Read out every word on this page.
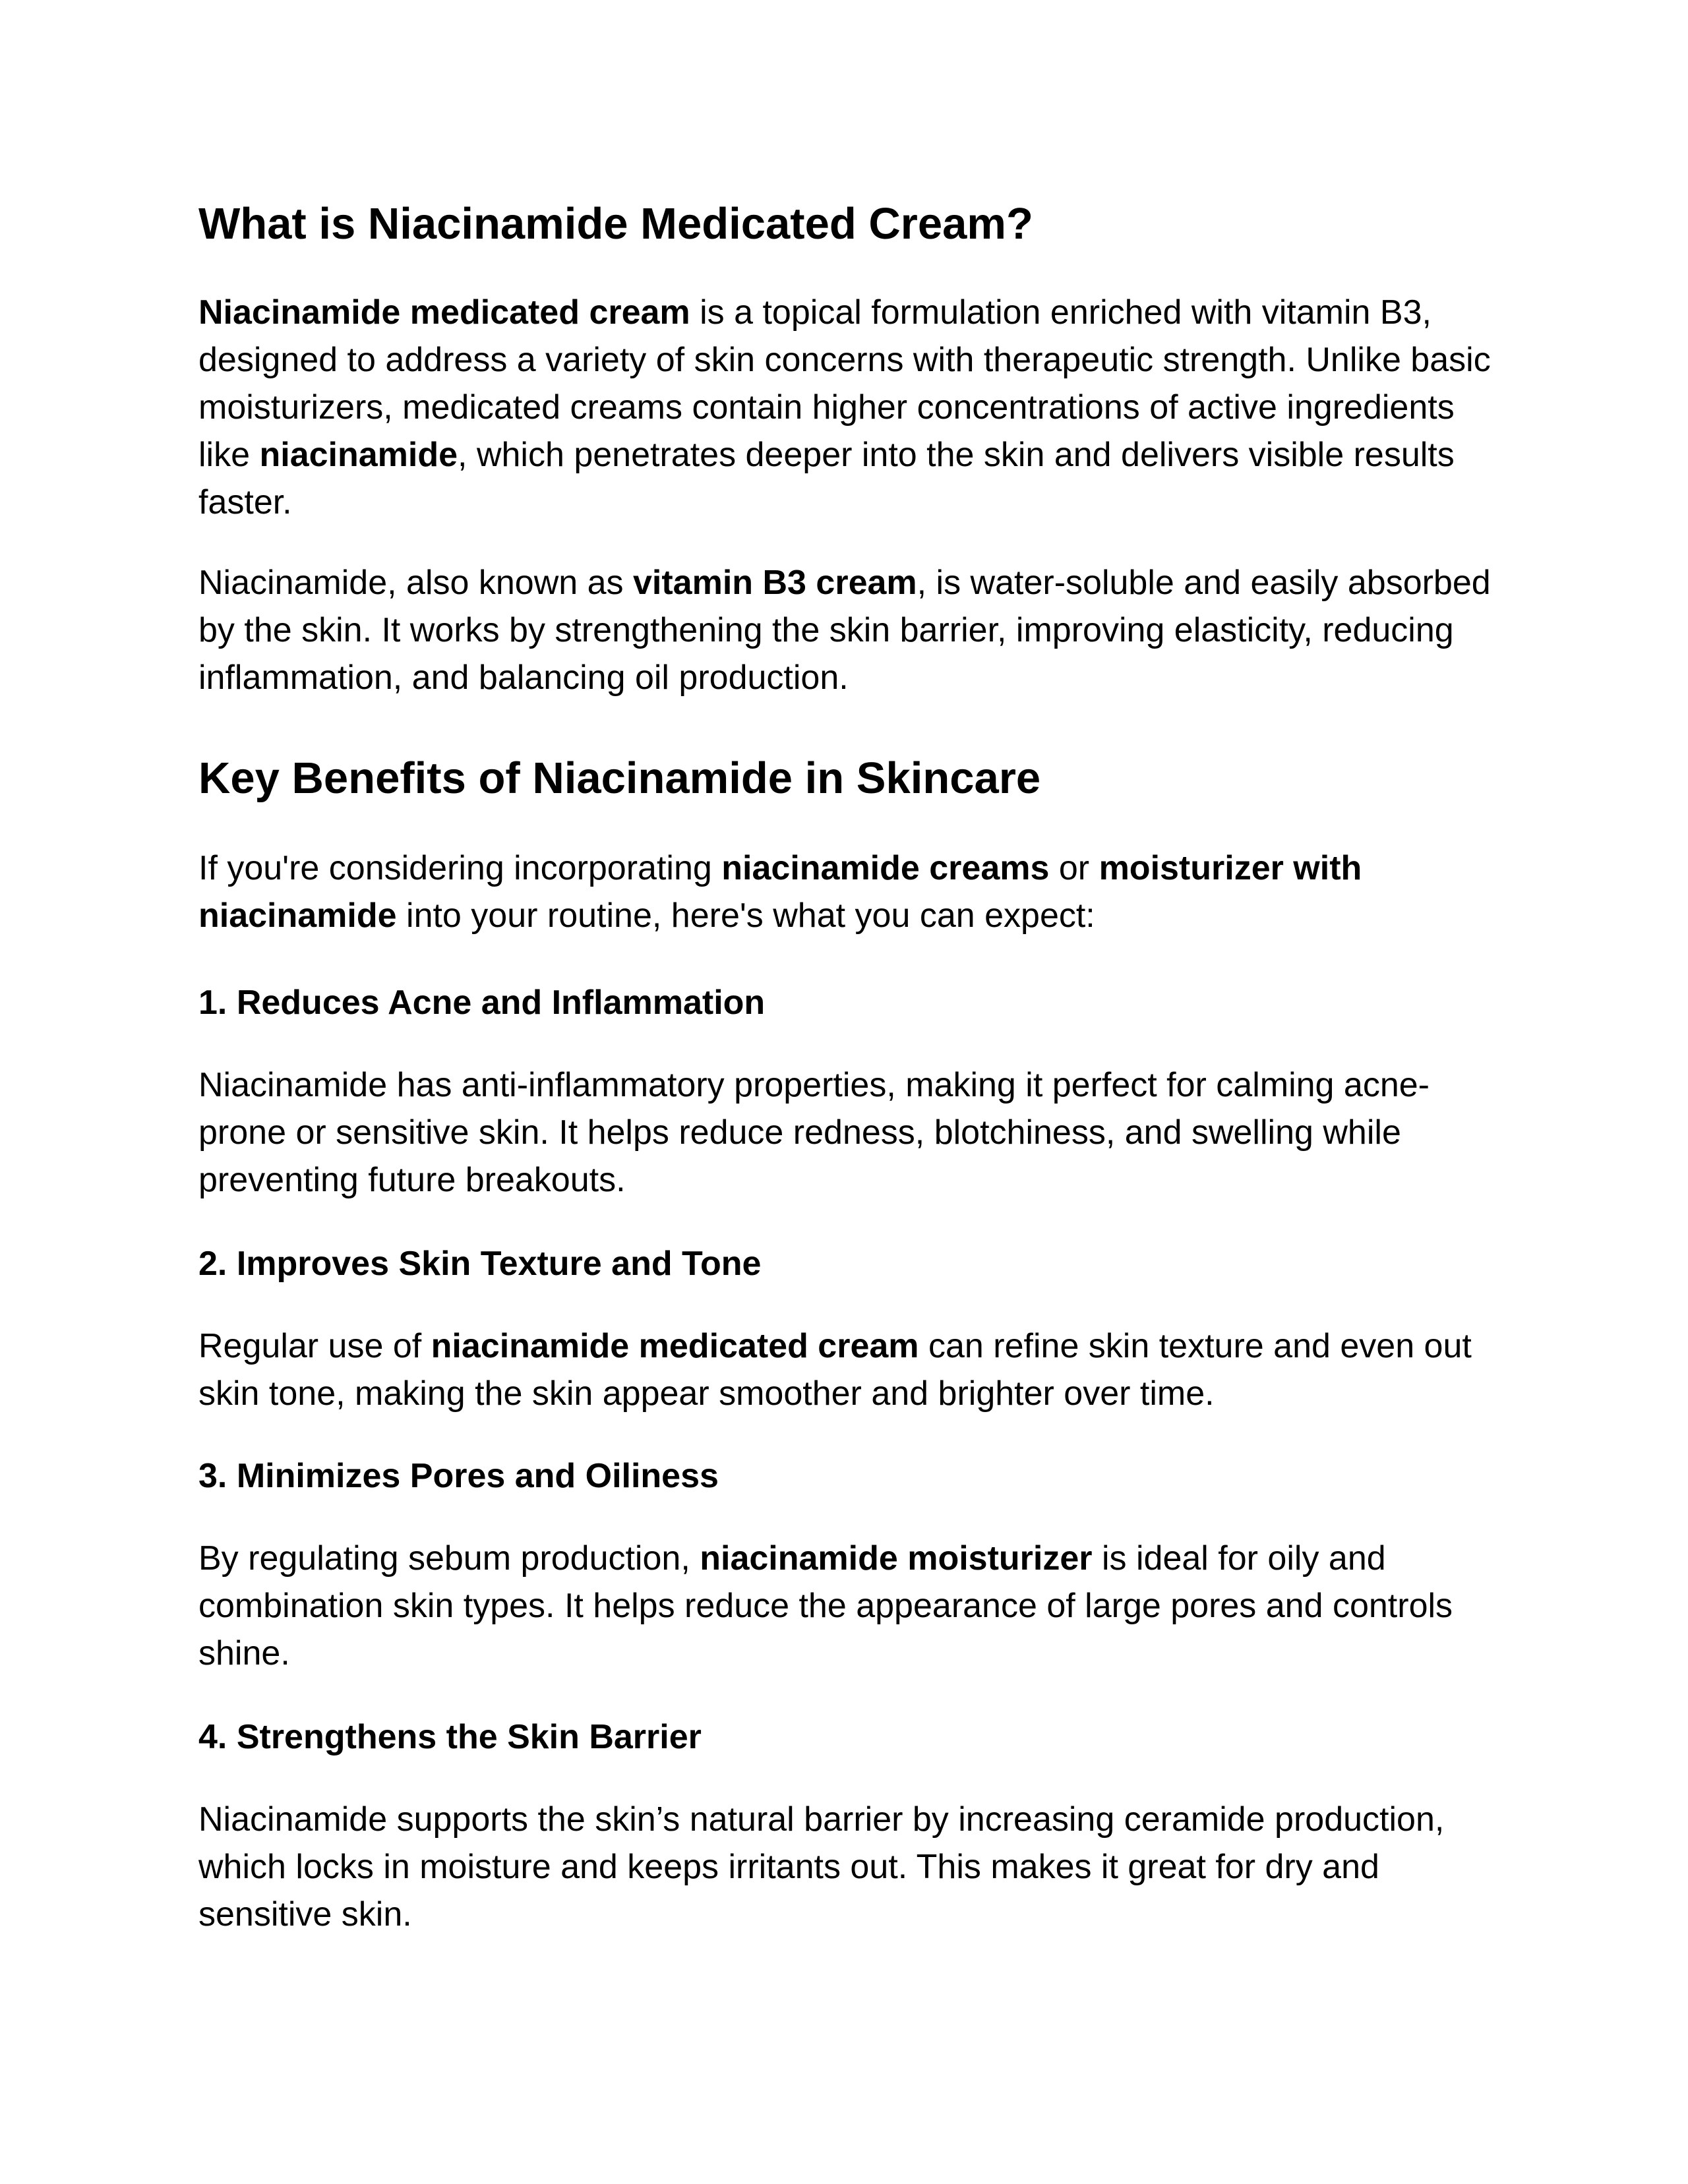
What is Niacinamide Medicated Cream?

Niacinamide medicated cream is a topical formulation enriched with vitamin B3, designed to address a variety of skin concerns with therapeutic strength. Unlike basic moisturizers, medicated creams contain higher concentrations of active ingredients like niacinamide, which penetrates deeper into the skin and delivers visible results faster.

Niacinamide, also known as vitamin B3 cream, is water-soluble and easily absorbed by the skin. It works by strengthening the skin barrier, improving elasticity, reducing inflammation, and balancing oil production.

Key Benefits of Niacinamide in Skincare

If you're considering incorporating niacinamide creams or moisturizer with niacinamide into your routine, here's what you can expect:

1. Reduces Acne and Inflammation

Niacinamide has anti-inflammatory properties, making it perfect for calming acne-prone or sensitive skin. It helps reduce redness, blotchiness, and swelling while preventing future breakouts.

2. Improves Skin Texture and Tone

Regular use of niacinamide medicated cream can refine skin texture and even out skin tone, making the skin appear smoother and brighter over time.

3. Minimizes Pores and Oiliness

By regulating sebum production, niacinamide moisturizer is ideal for oily and combination skin types. It helps reduce the appearance of large pores and controls shine.

4. Strengthens the Skin Barrier

Niacinamide supports the skin’s natural barrier by increasing ceramide production, which locks in moisture and keeps irritants out. This makes it great for dry and sensitive skin.
